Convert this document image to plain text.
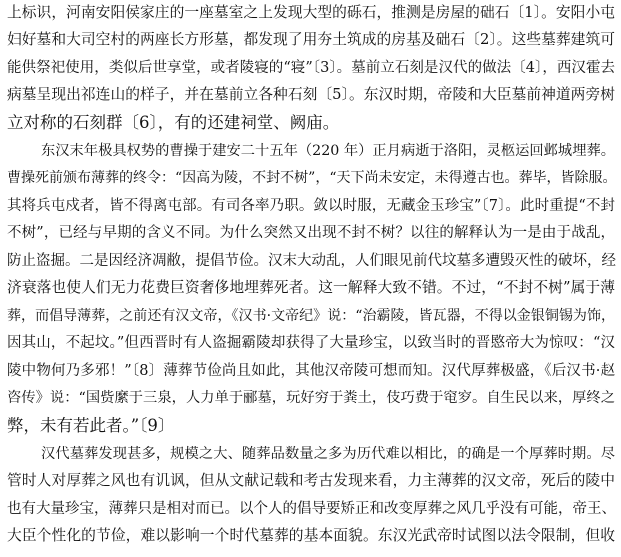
上标识，河南安阳侯家庄的一座墓室之上发现大型的砾石，推测是房屋的础石〔1〕。安阳小屯
妇好墓和大司空村的两座长方形墓，都发现了用夯土筑成的房基及础石〔2〕。这些墓葬建筑可
能供祭祀使用，类似后世享堂，或者陵寝的“寝”〔3〕。墓前立石刻是汉代的做法〔4〕，西汉霍去
病墓呈现出祁连山的样子，并在墓前立各种石刻〔5〕。东汉时期，帝陵和大臣墓前神道两旁树
立对称的石刻群〔6〕，有的还建祠堂、阙庙。
东汉末年极具权势的曹操于建安二十五年（220 年）正月病逝于洛阳，灵柩运回邺城埋葬。
曹操死前颁布薄葬的终令：“因高为陵，不封不树”，“天下尚未安定，未得遵古也。葬毕，皆除服。
其将兵屯戍者，皆不得离屯部。有司各率乃职。敛以时服，无藏金玉珍宝”〔7〕。此时重提“不封
不树”，已经与早期的含义不同。为什么突然又出现不封不树？以往的解释认为一是由于战乱，
防止盗掘。二是因经济凋敝，提倡节俭。汉末大动乱，人们眼见前代坟墓多遭毁灭性的破坏，经
济衰落也使人们无力花费巨资奢侈地埋葬死者。这一解释大致不错。不过，“不封不树”属于薄
葬，而倡导薄葬，之前还有汉文帝，《汉书·文帝纪》说：“治霸陵，皆瓦器，不得以金银铜锡为饰，
因其山，不起坟。”但西晋时有人盗掘霸陵却获得了大量珍宝，以致当时的晋愍帝大为惊叹：“汉
陵中物何乃多邪！”〔8〕薄葬节俭尚且如此，其他汉帝陵可想而知。汉代厚葬极盛，《后汉书·赵
咨传》说：“国赀縻于三泉，人力单于郦墓，玩好穷于粪土，伎巧费于窀穸。自生民以来，厚终之
弊，未有若此者。”〔9〕
汉代墓葬发现甚多，规模之大、随葬品数量之多为历代难以相比，的确是一个厚葬时期。尽
管时人对厚葬之风也有讥讽，但从文献记载和考古发现来看，力主薄葬的汉文帝，死后的陵中
也有大量珍宝，薄葬只是相对而已。以个人的倡导要矫正和改变厚葬之风几乎没有可能，帝王、
大臣个性化的节俭，难以影响一个时代墓葬的基本面貌。东汉光武帝时试图以法令限制，但收
